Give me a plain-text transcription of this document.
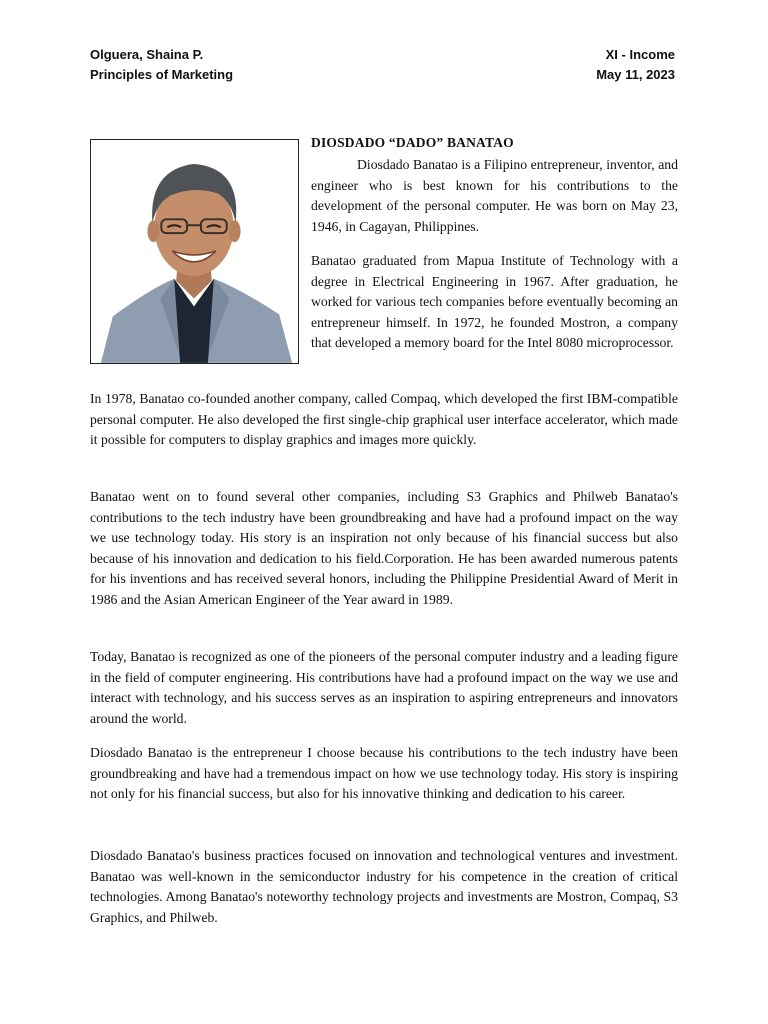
Olguera, Shaina P.
Principles of Marketing
XI - Income
May 11, 2023
DIOSDADO “DADO” BANATAO

Diosdado Banatao is a Filipino entrepreneur, inventor, and engineer who is best known for his contributions to the development of the personal computer. He was born on May 23, 1946, in Cagayan, Philippines.

Banatao graduated from Mapua Institute of Technology with a degree in Electrical Engineering in 1967. After graduation, he worked for various tech companies before eventually becoming an entrepreneur himself. In 1972, he founded Mostron, a company that developed a memory board for the Intel 8080 microprocessor.

In 1978, Banatao co-founded another company, called Compaq, which developed the first IBM-compatible personal computer. He also developed the first single-chip graphical user interface accelerator, which made it possible for computers to display graphics and images more quickly.

Banatao went on to found several other companies, including S3 Graphics and Philweb Banatao's contributions to the tech industry have been groundbreaking and have had a profound impact on the way we use technology today. His story is an inspiration not only because of his financial success but also because of his innovation and dedication to his field.Corporation. He has been awarded numerous patents for his inventions and has received several honors, including the Philippine Presidential Award of Merit in 1986 and the Asian American Engineer of the Year award in 1989.

Today, Banatao is recognized as one of the pioneers of the personal computer industry and a leading figure in the field of computer engineering. His contributions have had a profound impact on the way we use and interact with technology, and his success serves as an inspiration to aspiring entrepreneurs and innovators around the world.

Diosdado Banatao is the entrepreneur I choose because his contributions to the tech industry have been groundbreaking and have had a tremendous impact on how we use technology today. His story is inspiring not only for his financial success, but also for his innovative thinking and dedication to his career.

Diosdado Banatao's business practices focused on innovation and technological ventures and investment. Banatao was well-known in the semiconductor industry for his competence in the creation of critical technologies. Among Banatao's noteworthy technology projects and investments are Mostron, Compaq, S3 Graphics, and Philweb.
